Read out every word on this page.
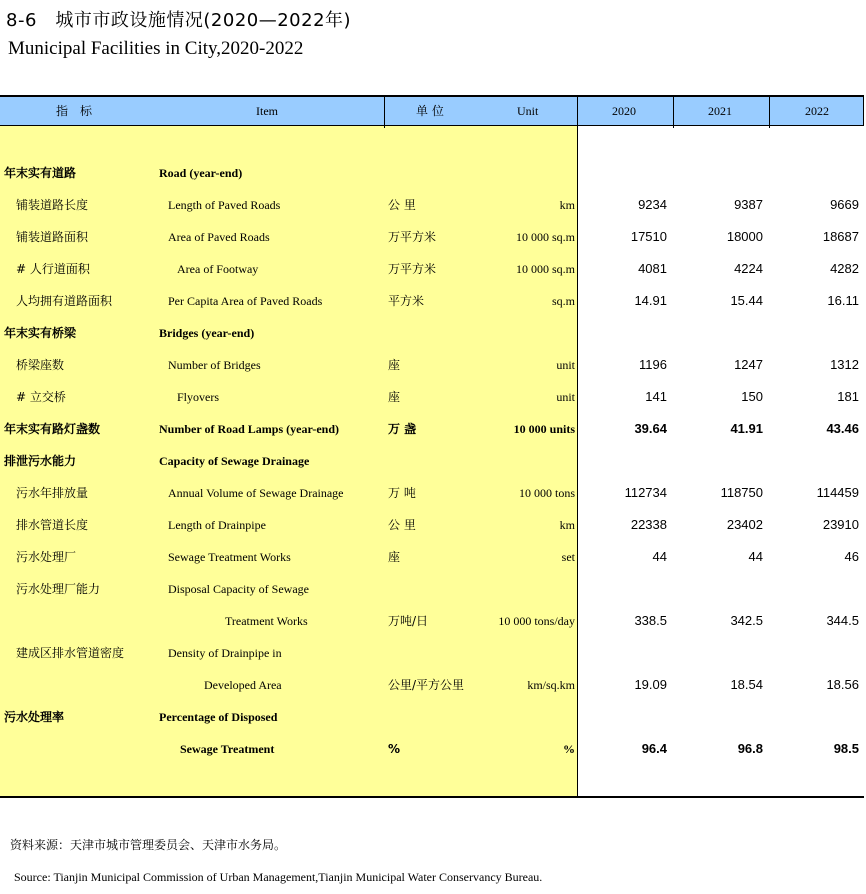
8-6　城市市政设施情况(2020—2022年)
Municipal Facilities in City,2020-2022
指　标	Item	单 位	Unit	2020	2021	2022
年末实有道路	Road (year-end)
铺装道路长度	Length of Paved Roads	公 里	km	9234	9387	9669
铺装道路面积	Area of Paved Roads	万平方米	10 000 sq.m	17510	18000	18687
# 人行道面积	Area of Footway	万平方米	10 000 sq.m	4081	4224	4282
人均拥有道路面积	Per Capita Area of Paved Roads	平方米	sq.m	14.91	15.44	16.11
年末实有桥梁	Bridges (year-end)
桥梁座数	Number of Bridges	座	unit	1196	1247	1312
# 立交桥	Flyovers	座	unit	141	150	181
年末实有路灯盏数	Number of Road Lamps (year-end)	万 盏	10 000 units	39.64	41.91	43.46
排泄污水能力	Capacity of Sewage Drainage
污水年排放量	Annual Volume of Sewage Drainage	万 吨	10 000 tons	112734	118750	114459
排水管道长度	Length of Drainpipe	公 里	km	22338	23402	23910
污水处理厂	Sewage Treatment Works	座	set	44	44	46
污水处理厂能力	Disposal Capacity of Sewage
Treatment Works	万吨/日	10 000 tons/day	338.5	342.5	344.5
建成区排水管道密度	Density of Drainpipe in
Developed Area	公里/平方公里	km/sq.km	19.09	18.54	18.56
污水处理率	Percentage of Disposed
Sewage Treatment	%	%	96.4	96.8	98.5
资料来源：天津市城市管理委员会、天津市水务局。
Source: Tianjin Municipal Commission of Urban Management,Tianjin Municipal Water Conservancy Bureau.
